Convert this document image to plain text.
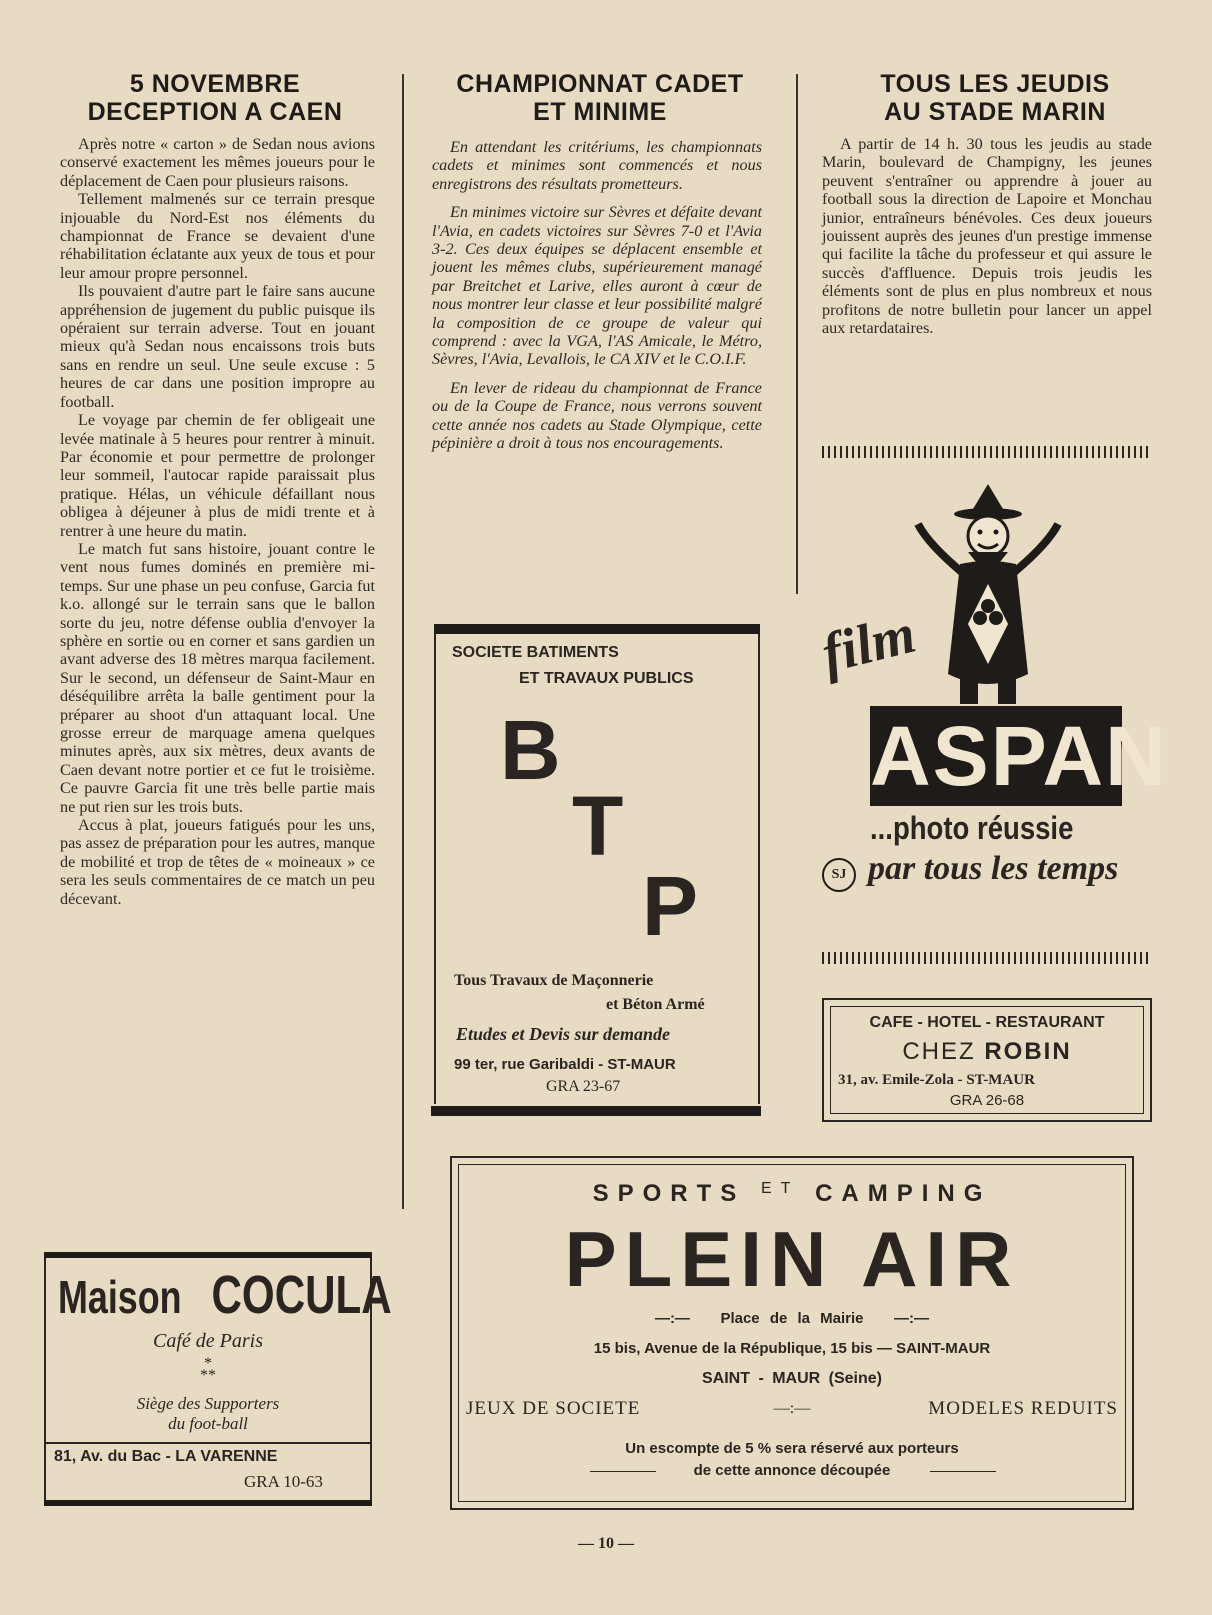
5 NOVEMBRE
DECEPTION A CAEN

Après notre « carton » de Sedan nous avions conservé exactement les mêmes joueurs pour le déplacement de Caen pour plusieurs raisons.

Tellement malmenés sur ce terrain presque injouable du Nord-Est nos éléments du championnat de France se devaient d'une réhabilitation éclatante aux yeux de tous et pour leur amour propre personnel.

Ils pouvaient d'autre part le faire sans aucune appréhension de jugement du public puisque ils opéraient sur terrain adverse. Tout en jouant mieux qu'à Sedan nous encaissons trois buts sans en rendre un seul. Une seule excuse : 5 heures de car dans une position impropre au football.

Le voyage par chemin de fer obligeait une levée matinale à 5 heures pour rentrer à minuit. Par économie et pour permettre de prolonger leur sommeil, l'autocar rapide paraissait plus pratique. Hélas, un véhicule défaillant nous obligea à déjeuner à plus de midi trente et à rentrer à une heure du matin.

Le match fut sans histoire, jouant contre le vent nous fumes dominés en première mi-temps. Sur une phase un peu confuse, Garcia fut k.o. allongé sur le terrain sans que le ballon sorte du jeu, notre défense oublia d'envoyer la sphère en sortie ou en corner et sans gardien un avant adverse des 18 mètres marqua facilement. Sur le second, un défenseur de Saint-Maur en déséquilibre arrêta la balle gentiment pour la préparer au shoot d'un attaquant local. Une grosse erreur de marquage amena quelques minutes après, aux six mètres, deux avants de Caen devant notre portier et ce fut le troisième. Ce pauvre Garcia fit une très belle partie mais ne put rien sur les trois buts.

Accus à plat, joueurs fatigués pour les uns, pas assez de préparation pour les autres, manque de mobilité et trop de têtes de « moineaux » ce sera les seuls commentaires de ce match un peu décevant.

CHAMPIONNAT CADET
ET MINIME

En attendant les critériums, les championnats cadets et minimes sont commencés et nous enregistrons des résultats prometteurs.

En minimes victoire sur Sèvres et défaite devant l'Avia, en cadets victoires sur Sèvres 7-0 et l'Avia 3-2. Ces deux équipes se déplacent ensemble et jouent les mêmes clubs, supérieurement managé par Breitchet et Larive, elles auront à cœur de nous montrer leur classe et leur possibilité malgré la composition de ce groupe de valeur qui comprend : avec la VGA, l'AS Amicale, le Métro, Sèvres, l'Avia, Levallois, le CA XIV et le C.O.I.F.

En lever de rideau du championnat de France ou de la Coupe de France, nous verrons souvent cette année nos cadets au Stade Olympique, cette pépinière a droit à tous nos encouragements.

TOUS LES JEUDIS
AU STADE MARIN

A partir de 14 h. 30 tous les jeudis au stade Marin, boulevard de Champigny, les jeunes peuvent s'entraîner ou apprendre à jouer au football sous la direction de Lapoire et Monchau junior, entraîneurs bénévoles. Ces deux joueurs jouissent auprès des jeunes d'un prestige immense qui facilite la tâche du professeur et qui assure le succès d'affluence. Depuis trois jeudis les éléments sont de plus en plus nombreux et nous profitons de notre bulletin pour lancer un appel aux retardataires.

SOCIETE BATIMENTS
ET TRAVAUX PUBLICS
B
T
P
Tous Travaux de Maçonnerie
et Béton Armé
Etudes et Devis sur demande
99 ter, rue Garibaldi - ST-MAUR
GRA 23-67
film
ASPAN
...photo réussie
SJ par tous les temps
CAFE - HOTEL - RESTAURANT
CHEZ ROBIN
31, av. Emile-Zola - ST-MAUR
GRA 26-68
Maison COCULA
Café de Paris
*
**
Siège des Supporters
du foot-ball
81, Av. du Bac - LA VARENNE
GRA 10-63
SPORTS $^{ET}$ CAMPING
PLEIN AIR
—:— Place de la Mairie —:—
15 bis, Avenue de la République, 15 bis — SAINT-MAUR
SAINT - MAUR (Seine)
JEUX DE SOCIETE	—:—	MODELES REDUITS
Un escompte de 5 % sera réservé aux porteurs
de cette annonce découpée
— 10 —
